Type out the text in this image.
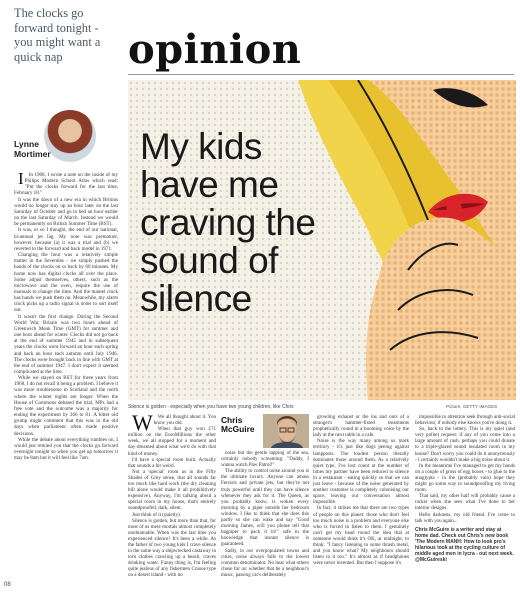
The clocks go forward tonight - you might want a quick nap
Lynne
Mortimer

I In 1968, I wrote a note on the inside of my Philips Modern School Atlas which read: "Put the clocks forward for the last time, February 18."

It was the dawn of a new era in which Britons would no longer stay up an hour later on the last Saturday of October and go to bed an hour earlier on the last Saturday of March. Instead we would be permanently on British Summer Time (BST).

It was, or so I thought, the end of our national, bi-annual jet lag. My note was premature, however, because (a) it was a trial and (b) we reverted to the forward and back model in 1971.

Changing the hour was a relatively simple matter in the Seventies - we simply pushed the hands of the clocks on or back by 60 minutes. My home now has digital clocks all over the place. Some adjust themselves, others, such as the microwave and the oven, require the use of manuals to change the time. And the mantel clock has hands we push them on. Meanwhile, my alarm clock picks up a radio signal in order to sort itself out.

It wasn't the first change. During the Second World War, Britain was two hours ahead of Greenwich Mean Time (GMT) for summer and one hour ahead for winter. Clocks did not go back at the end of summer 1945 and in subsequent years the clocks went forward an hour each spring and back an hour each autumn until July 1946. The clocks were brought back in line with GMT at the end of summer 1947. I don't expect it seemed complicated at the time.

While we stayed on BST for three years from 1968, I do not recall it being a problem. I believe it was more troublesome in Scotland and the north where the winter nights are longer. When the House of Commons debated the trial, MPs had a free vote and the outcome was a majority for ending the experiment by 366 to 81. A bitter old grump might comment that this was in the old days when parliament often made positive decisions.

While the debate about everything rumbles on, I would just remind you that the clocks go forward overnight tonight so when you get up tomorrow it may be 8am but it will feel like 7am.

08
opinion
My kids
have me
craving the
sound of
silence
Silence is golden - especially when you have two young children, like Chris	Picture: GETTY IMAGES

W We all thought about it. You know you did.

When that guy won £71 million on the EuroMillions the other week, we all stopped for a moment and day-dreamed about what we'd do with that kind of money.

I'd have a special room built. Actually that sounds a bit weird.

Not a 'special' room as in the Fifty Shades of Grey sense, that all sounds far too much like hard work (the dry cleaning bill alone would make it all prohibitively expensive). Anyway, I'm talking about a special room in my house, that's entirely soundproofed, dark, silent.

Just think of it (quietly).

Silence is golden, but more than that, for most of us mere mortals almost completely unobtainable. When was the last time you experienced silence? It's been a while. As the father of two young kids I crave silence in the same way a shipwrecked castaway in torn clothes crawling up a beach, craves drinking water. Funny thing is, I'm feeling quite jealous of any fishermen Crusoe type on a desert island - with no

Chris
McGuire

noise but the gentle lapping of the sea, certainly nobody screaming: "Daddy, I wanna watch Paw Patrol!"

The ability to control noise around you is the ultimate luxury. Anyone can amass Ferraris and private jets, but they're not truly powerful until they can have silence whenever they ask for it. The Queen, as you probably know, is woken every morning by a piper outside her bedroom window. I like to think that she does this partly so she can wake and say "Good morning James, will you please tell that bagpiper to pack it in!" safe in the knowledge that instant silence is guaranteed.

Sadly, in our overpopulated towns and cities, noise always falls to the lowest common denominator. No hear what others chose for us: whether that be a neighbour's music, passing car's deliberately

growling exhaust or the ins and outs of a stranger's hammer-fisted treatments prophetically round in a booming voice by the lady at the next table in a cafe.

Noise is the way many among us mark territory - it's just like dogs peeing against lampposts. The loudest person literally dominates those around them. As a relatively quiet type, I've lost count at the number of times my partner have been reduced to silence in a restaurant - eating quickly so that we can just leave - because of the noise generated by another customer is completely colonising our space, leaving our conversation almost impossible.

In fact, it strikes me that there are two types of people on this planet: those who don't feel too much noise is a problem and everyone else who is forced to listen to them. I genuinely can't get my head round the idea that at someone would think it's OK, at midnight, to think: "I fancy listening to some thrash metal, and you know what? My neighbours should listen to it too." It's almost as if headphones were never invented. But then I suppose it's

impossible to attention seek through anti-social behaviour, if nobody else knows you're doing it.

So, back to the lottery. This is my quiet (and very polite) request: if any of you come into a large amount of cash, perhaps you could donate to a triple-glazed sound insulated room in my house? Don't worry you could do it anonymously - I certainly wouldn't make a big noise about it.

In the meantime I've managed to get my hands on a couple of gross of egg boxes - to glue to the anaglypta - in the (probably vain) hope they might go some way to soundproofing my living room.

That said, my other half will probably cause a racket when she sees what I've done to her interior designs.

Hello darkness, my old friend. I've come to talk with you again...

Chris McGuire is a writer and stay at home dad. Check out Chris's new book 'The Modern MANH: How to look pro's hilarious look at the cycling culture of middle aged men in lycra - out next week. @McGuireski
